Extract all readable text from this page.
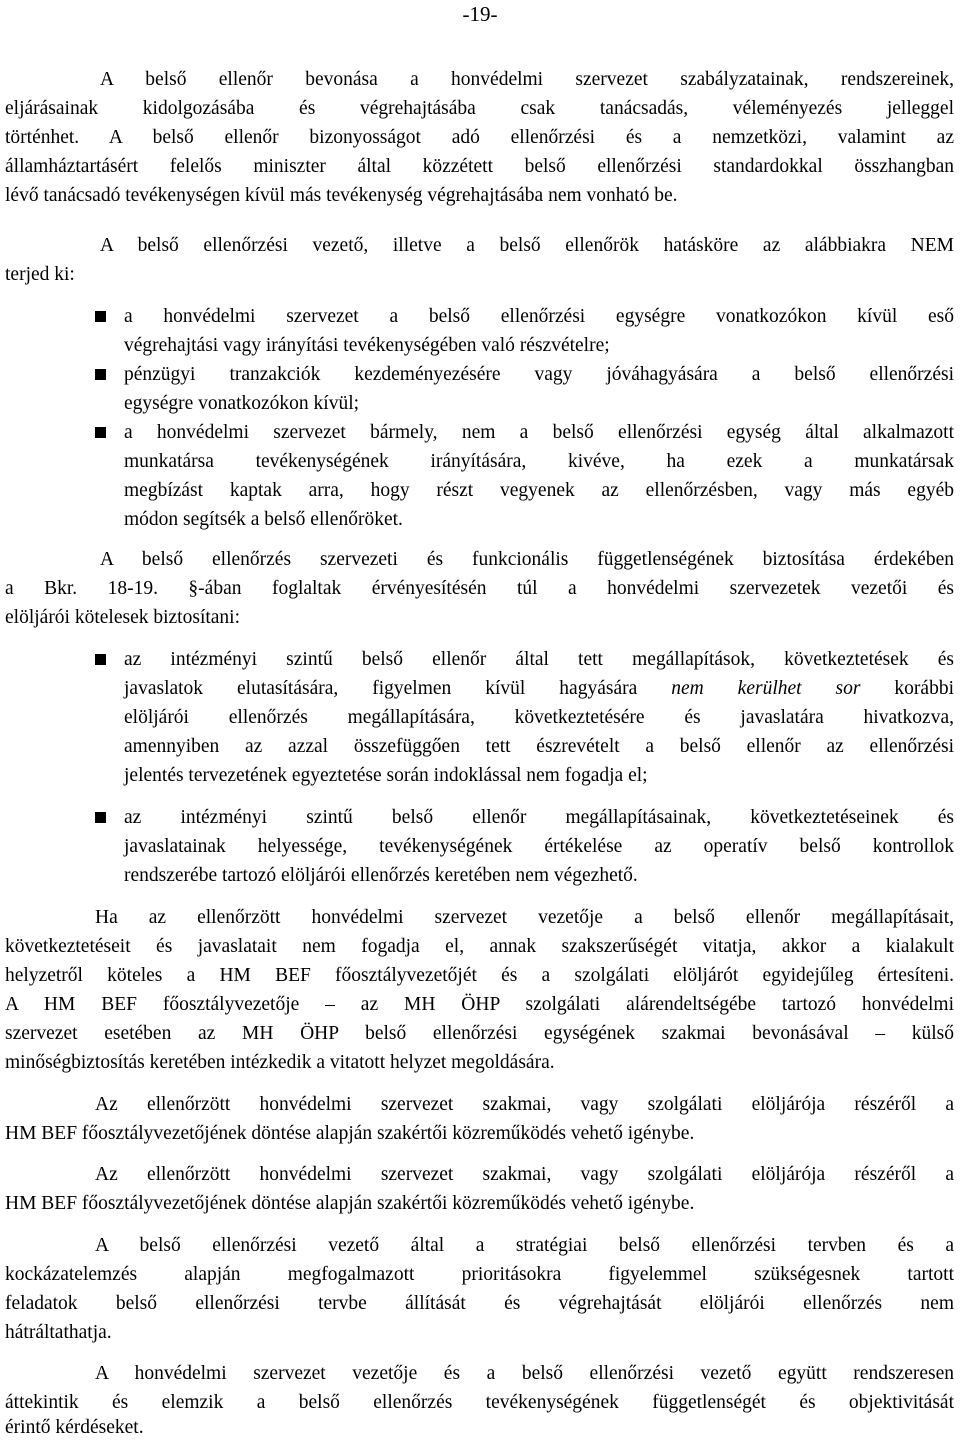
-19-
A belső ellenőr bevonása a honvédelmi szervezet szabályzatainak, rendszereinek,
eljárásainak kidolgozásába és végrehajtásába csak tanácsadás, véleményezés jelleggel
történhet. A belső ellenőr bizonyosságot adó ellenőrzési és a nemzetközi, valamint az
államháztartásért felelős miniszter által közzétett belső ellenőrzési standardokkal összhangban
lévő tanácsadó tevékenységen kívül más tevékenység végrehajtásába nem vonható be.
A belső ellenőrzési vezető, illetve a belső ellenőrök hatásköre az alábbiakra NEM
terjed ki:
a honvédelmi szervezet a belső ellenőrzési egységre vonatkozókon kívül eső
végrehajtási vagy irányítási tevékenységében való részvételre;
pénzügyi tranzakciók kezdeményezésére vagy jóváhagyására a belső ellenőrzési
egységre vonatkozókon kívül;
a honvédelmi szervezet bármely, nem a belső ellenőrzési egység által alkalmazott
munkatársa tevékenységének irányítására, kivéve, ha ezek a munkatársak
megbízást kaptak arra, hogy részt vegyenek az ellenőrzésben, vagy más egyéb
módon segítsék a belső ellenőröket.
A belső ellenőrzés szervezeti és funkcionális függetlenségének biztosítása érdekében
a Bkr. 18-19. §-ában foglaltak érvényesítésén túl a honvédelmi szervezetek vezetői és
elöljárói kötelesek biztosítani:
az intézményi szintű belső ellenőr által tett megállapítások, következtetések és
javaslatok elutasítására, figyelmen kívül hagyására nem kerülhet sor korábbi
elöljárói ellenőrzés megállapítására, következtetésére és javaslatára hivatkozva,
amennyiben az azzal összefüggően tett észrevételt a belső ellenőr az ellenőrzési
jelentés tervezetének egyeztetése során indoklással nem fogadja el;
az intézményi szintű belső ellenőr megállapításainak, következtetéseinek és
javaslatainak helyessége, tevékenységének értékelése az operatív belső kontrollok
rendszerébe tartozó elöljárói ellenőrzés keretében nem végezhető.
Ha az ellenőrzött honvédelmi szervezet vezetője a belső ellenőr megállapításait,
következtetéseit és javaslatait nem fogadja el, annak szakszerűségét vitatja, akkor a kialakult
helyzetről köteles a HM BEF főosztályvezetőjét és a szolgálati elöljárót egyidejűleg értesíteni.
A HM BEF főosztályvezetője – az MH ÖHP szolgálati alárendeltségébe tartozó honvédelmi
szervezet esetében az MH ÖHP belső ellenőrzési egységének szakmai bevonásával – külső
minőségbiztosítás keretében intézkedik a vitatott helyzet megoldására.
Az ellenőrzött honvédelmi szervezet szakmai, vagy szolgálati elöljárója részéről a
HM BEF főosztályvezetőjének döntése alapján szakértői közreműködés vehető igénybe.
Az ellenőrzött honvédelmi szervezet szakmai, vagy szolgálati elöljárója részéről a
HM BEF főosztályvezetőjének döntése alapján szakértői közreműködés vehető igénybe.
A belső ellenőrzési vezető által a stratégiai belső ellenőrzési tervben és a
kockázatelemzés alapján megfogalmazott prioritásokra figyelemmel szükségesnek tartott
feladatok belső ellenőrzési tervbe állítását és végrehajtását elöljárói ellenőrzés nem
hátráltathatja.
A honvédelmi szervezet vezetője és a belső ellenőrzési vezető együtt rendszeresen
áttekintik és elemzik a belső ellenőrzés tevékenységének függetlenségét és objektivitását
érintő kérdéseket.
